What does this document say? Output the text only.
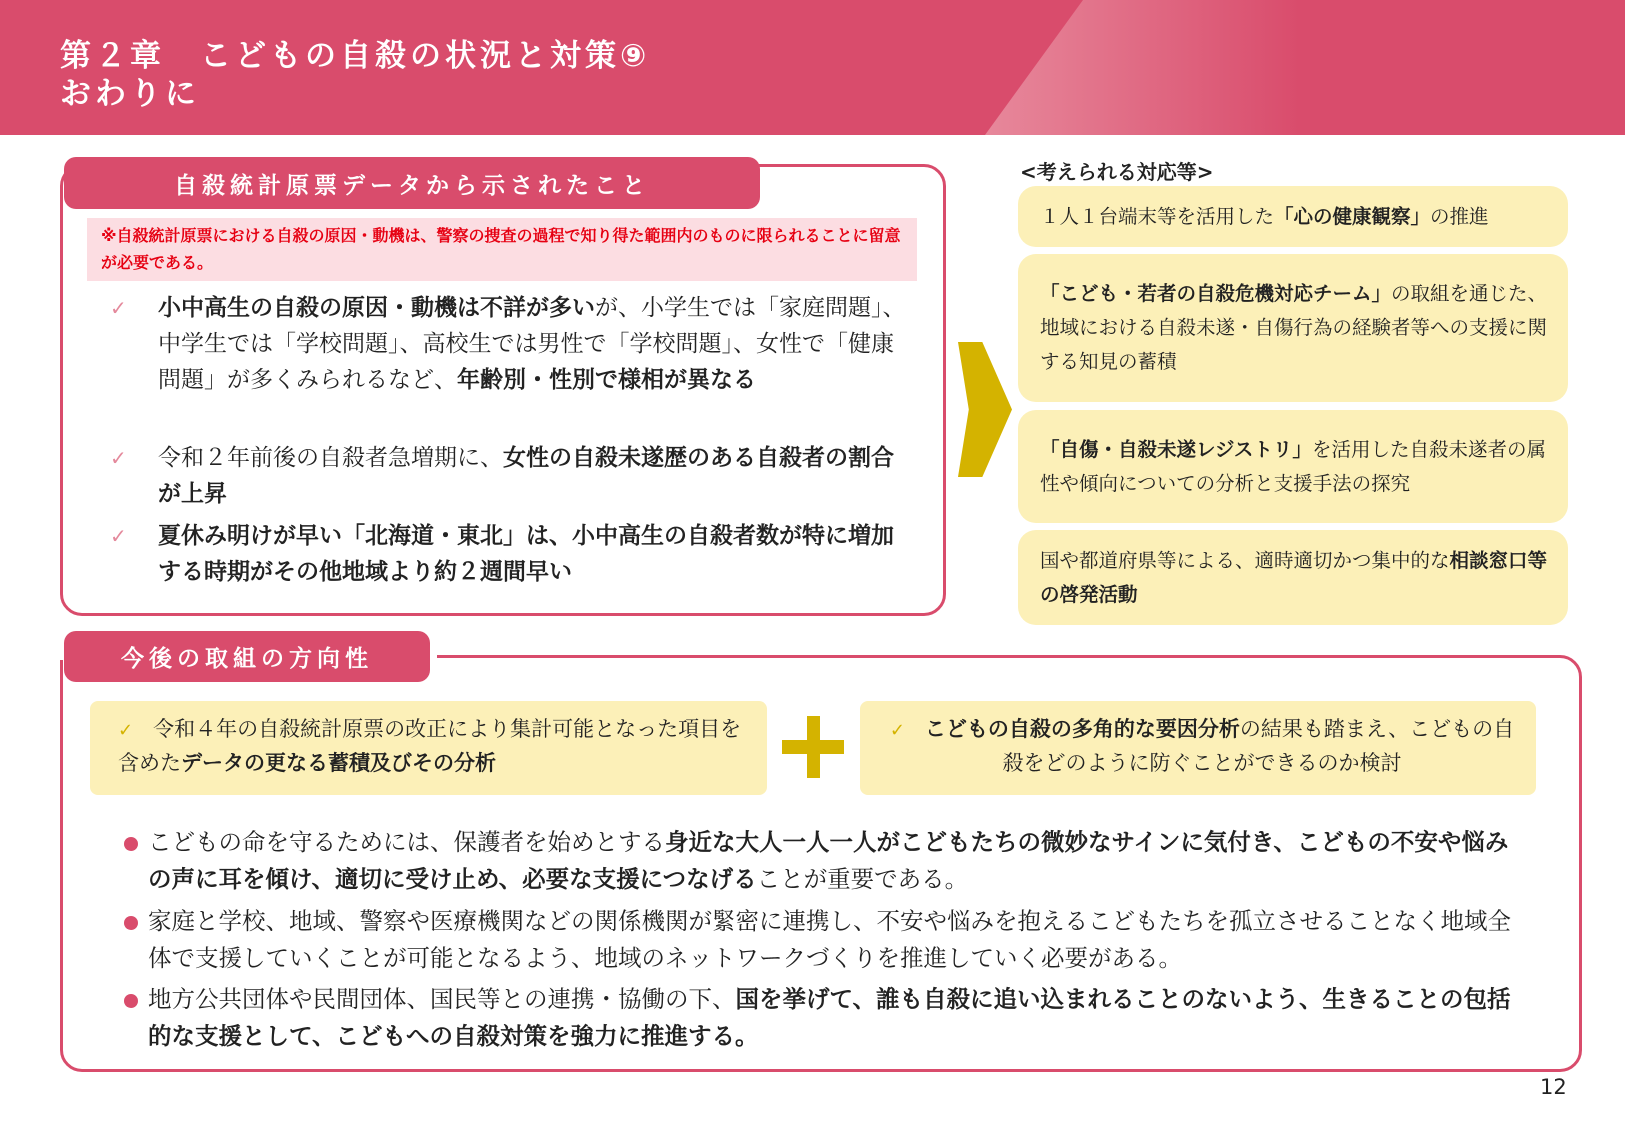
第２章　こどもの自殺の状況と対策⑨
おわりに
自殺統計原票データから示されたこと
※自殺統計原票における自殺の原因・動機は、警察の捜査の過程で知り得た範囲内のものに限られることに留意が必要である。
✓ 小中高生の自殺の原因・動機は不詳が多いが、小学生では「家庭問題」、中学生では「学校問題」、高校生では男性で「学校問題」、女性で「健康問題」が多くみられるなど、年齢別・性別で様相が異なる
✓ 令和２年前後の自殺者急増期に、女性の自殺未遂歴のある自殺者の割合が上昇
✓ 夏休み明けが早い「北海道・東北」は、小中高生の自殺者数が特に増加する時期がその他地域より約２週間早い
<考えられる対応等>
１人１台端末等を活用した「心の健康観察」の推進
「こども・若者の自殺危機対応チーム」の取組を通じた、地域における自殺未遂・自傷行為の経験者等への支援に関する知見の蓄積
「自傷・自殺未遂レジストリ」を活用した自殺未遂者の属性や傾向についての分析と支援手法の探究
国や都道府県等による、適時適切かつ集中的な相談窓口等の啓発活動
今後の取組の方向性
✓ 令和４年の自殺統計原票の改正により集計可能となった項目を含めたデータの更なる蓄積及びその分析
✓ こどもの自殺の多角的な要因分析の結果も踏まえ、こどもの自殺をどのように防ぐことができるのか検討
こどもの命を守るためには、保護者を始めとする身近な大人一人一人がこどもたちの微妙なサインに気付き、こどもの不安や悩みの声に耳を傾け、適切に受け止め、必要な支援につなげることが重要である。
家庭と学校、地域、警察や医療機関などの関係機関が緊密に連携し、不安や悩みを抱えるこどもたちを孤立させることなく地域全体で支援していくことが可能となるよう、地域のネットワークづくりを推進していく必要がある。
地方公共団体や民間団体、国民等との連携・協働の下、国を挙げて、誰も自殺に追い込まれることのないよう、生きることの包括的な支援として、こどもへの自殺対策を強力に推進する。
12
